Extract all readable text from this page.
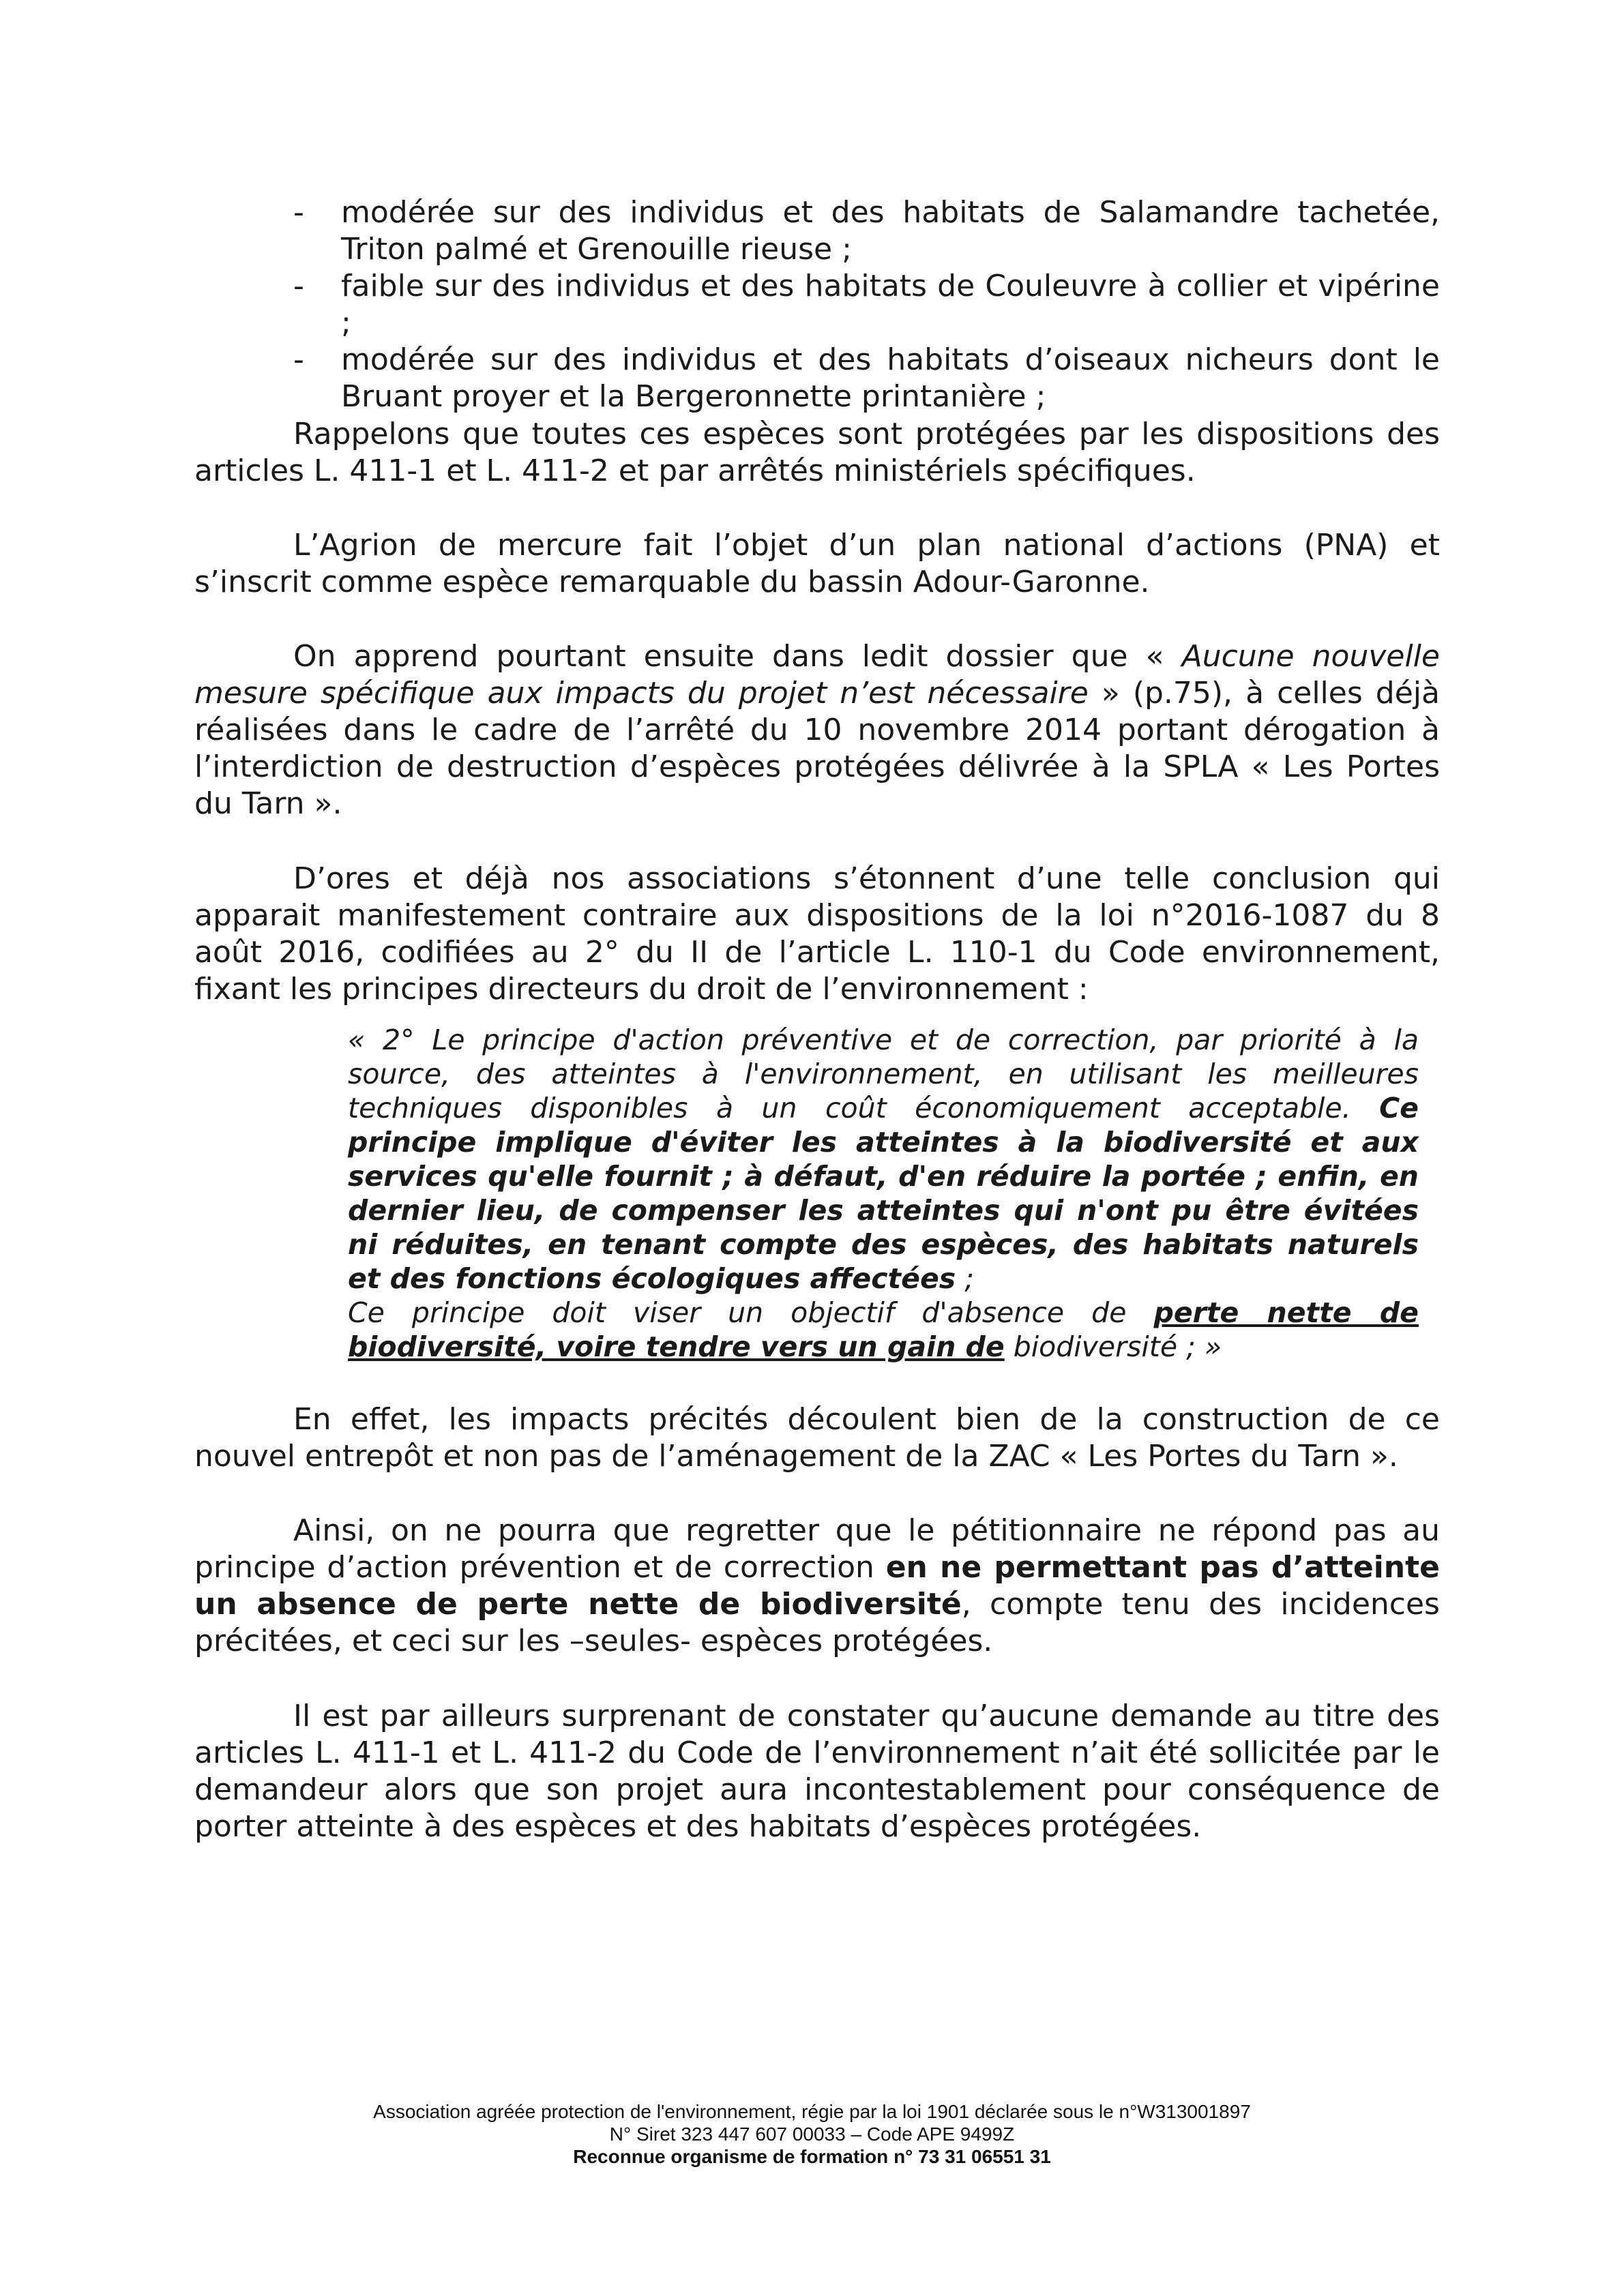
- modérée sur des individus et des habitats de Salamandre tachetée, Triton palmé et Grenouille rieuse ;
- faible sur des individus et des habitats de Couleuvre à collier et vipérine ;
- modérée sur des individus et des habitats d’oiseaux nicheurs dont le Bruant proyer et la Bergeronnette printanière ;

Rappelons que toutes ces espèces sont protégées par les dispositions des articles L. 411-1 et L. 411-2 et par arrêtés ministériels spécifiques.

L’Agrion de mercure fait l’objet d’un plan national d’actions (PNA) et s’inscrit comme espèce remarquable du bassin Adour-Garonne.

On apprend pourtant ensuite dans ledit dossier que « Aucune nouvelle mesure spécifique aux impacts du projet n’est nécessaire » (p.75), à celles déjà réalisées dans le cadre de l’arrêté du 10 novembre 2014 portant dérogation à l’interdiction de destruction d’espèces protégées délivrée à la SPLA « Les Portes du Tarn ».

D’ores et déjà nos associations s’étonnent d’une telle conclusion qui apparait manifestement contraire aux dispositions de la loi n°2016-1087 du 8 août 2016, codifiées au 2° du II de l’article L. 110-1 du Code environnement, fixant les principes directeurs du droit de l’environnement :

« 2° Le principe d'action préventive et de correction, par priorité à la source, des atteintes à l'environnement, en utilisant les meilleures techniques disponibles à un coût économiquement acceptable. Ce principe implique d'éviter les atteintes à la biodiversité et aux services qu'elle fournit ; à défaut, d'en réduire la portée ; enfin, en dernier lieu, de compenser les atteintes qui n'ont pu être évitées ni réduites, en tenant compte des espèces, des habitats naturels et des fonctions écologiques affectées ;
Ce principe doit viser un objectif d'absence de perte nette de biodiversité, voire tendre vers un gain de biodiversité ; »

En effet, les impacts précités découlent bien de la construction de ce nouvel entrepôt et non pas de l’aménagement de la ZAC « Les Portes du Tarn ».

Ainsi, on ne pourra que regretter que le pétitionnaire ne répond pas au principe d’action prévention et de correction en ne permettant pas d’atteinte un absence de perte nette de biodiversité, compte tenu des incidences précitées, et ceci sur les –seules- espèces protégées.

Il est par ailleurs surprenant de constater qu’aucune demande au titre des articles L. 411-1 et L. 411-2 du Code de l’environnement n’ait été sollicitée par le demandeur alors que son projet aura incontestablement pour conséquence de porter atteinte à des espèces et des habitats d’espèces protégées.

Association agréée protection de l'environnement, régie par la loi 1901 déclarée sous le n°W313001897
N° Siret 323 447 607 00033 – Code APE 9499Z
Reconnue organisme de formation n° 73 31 06551 31
